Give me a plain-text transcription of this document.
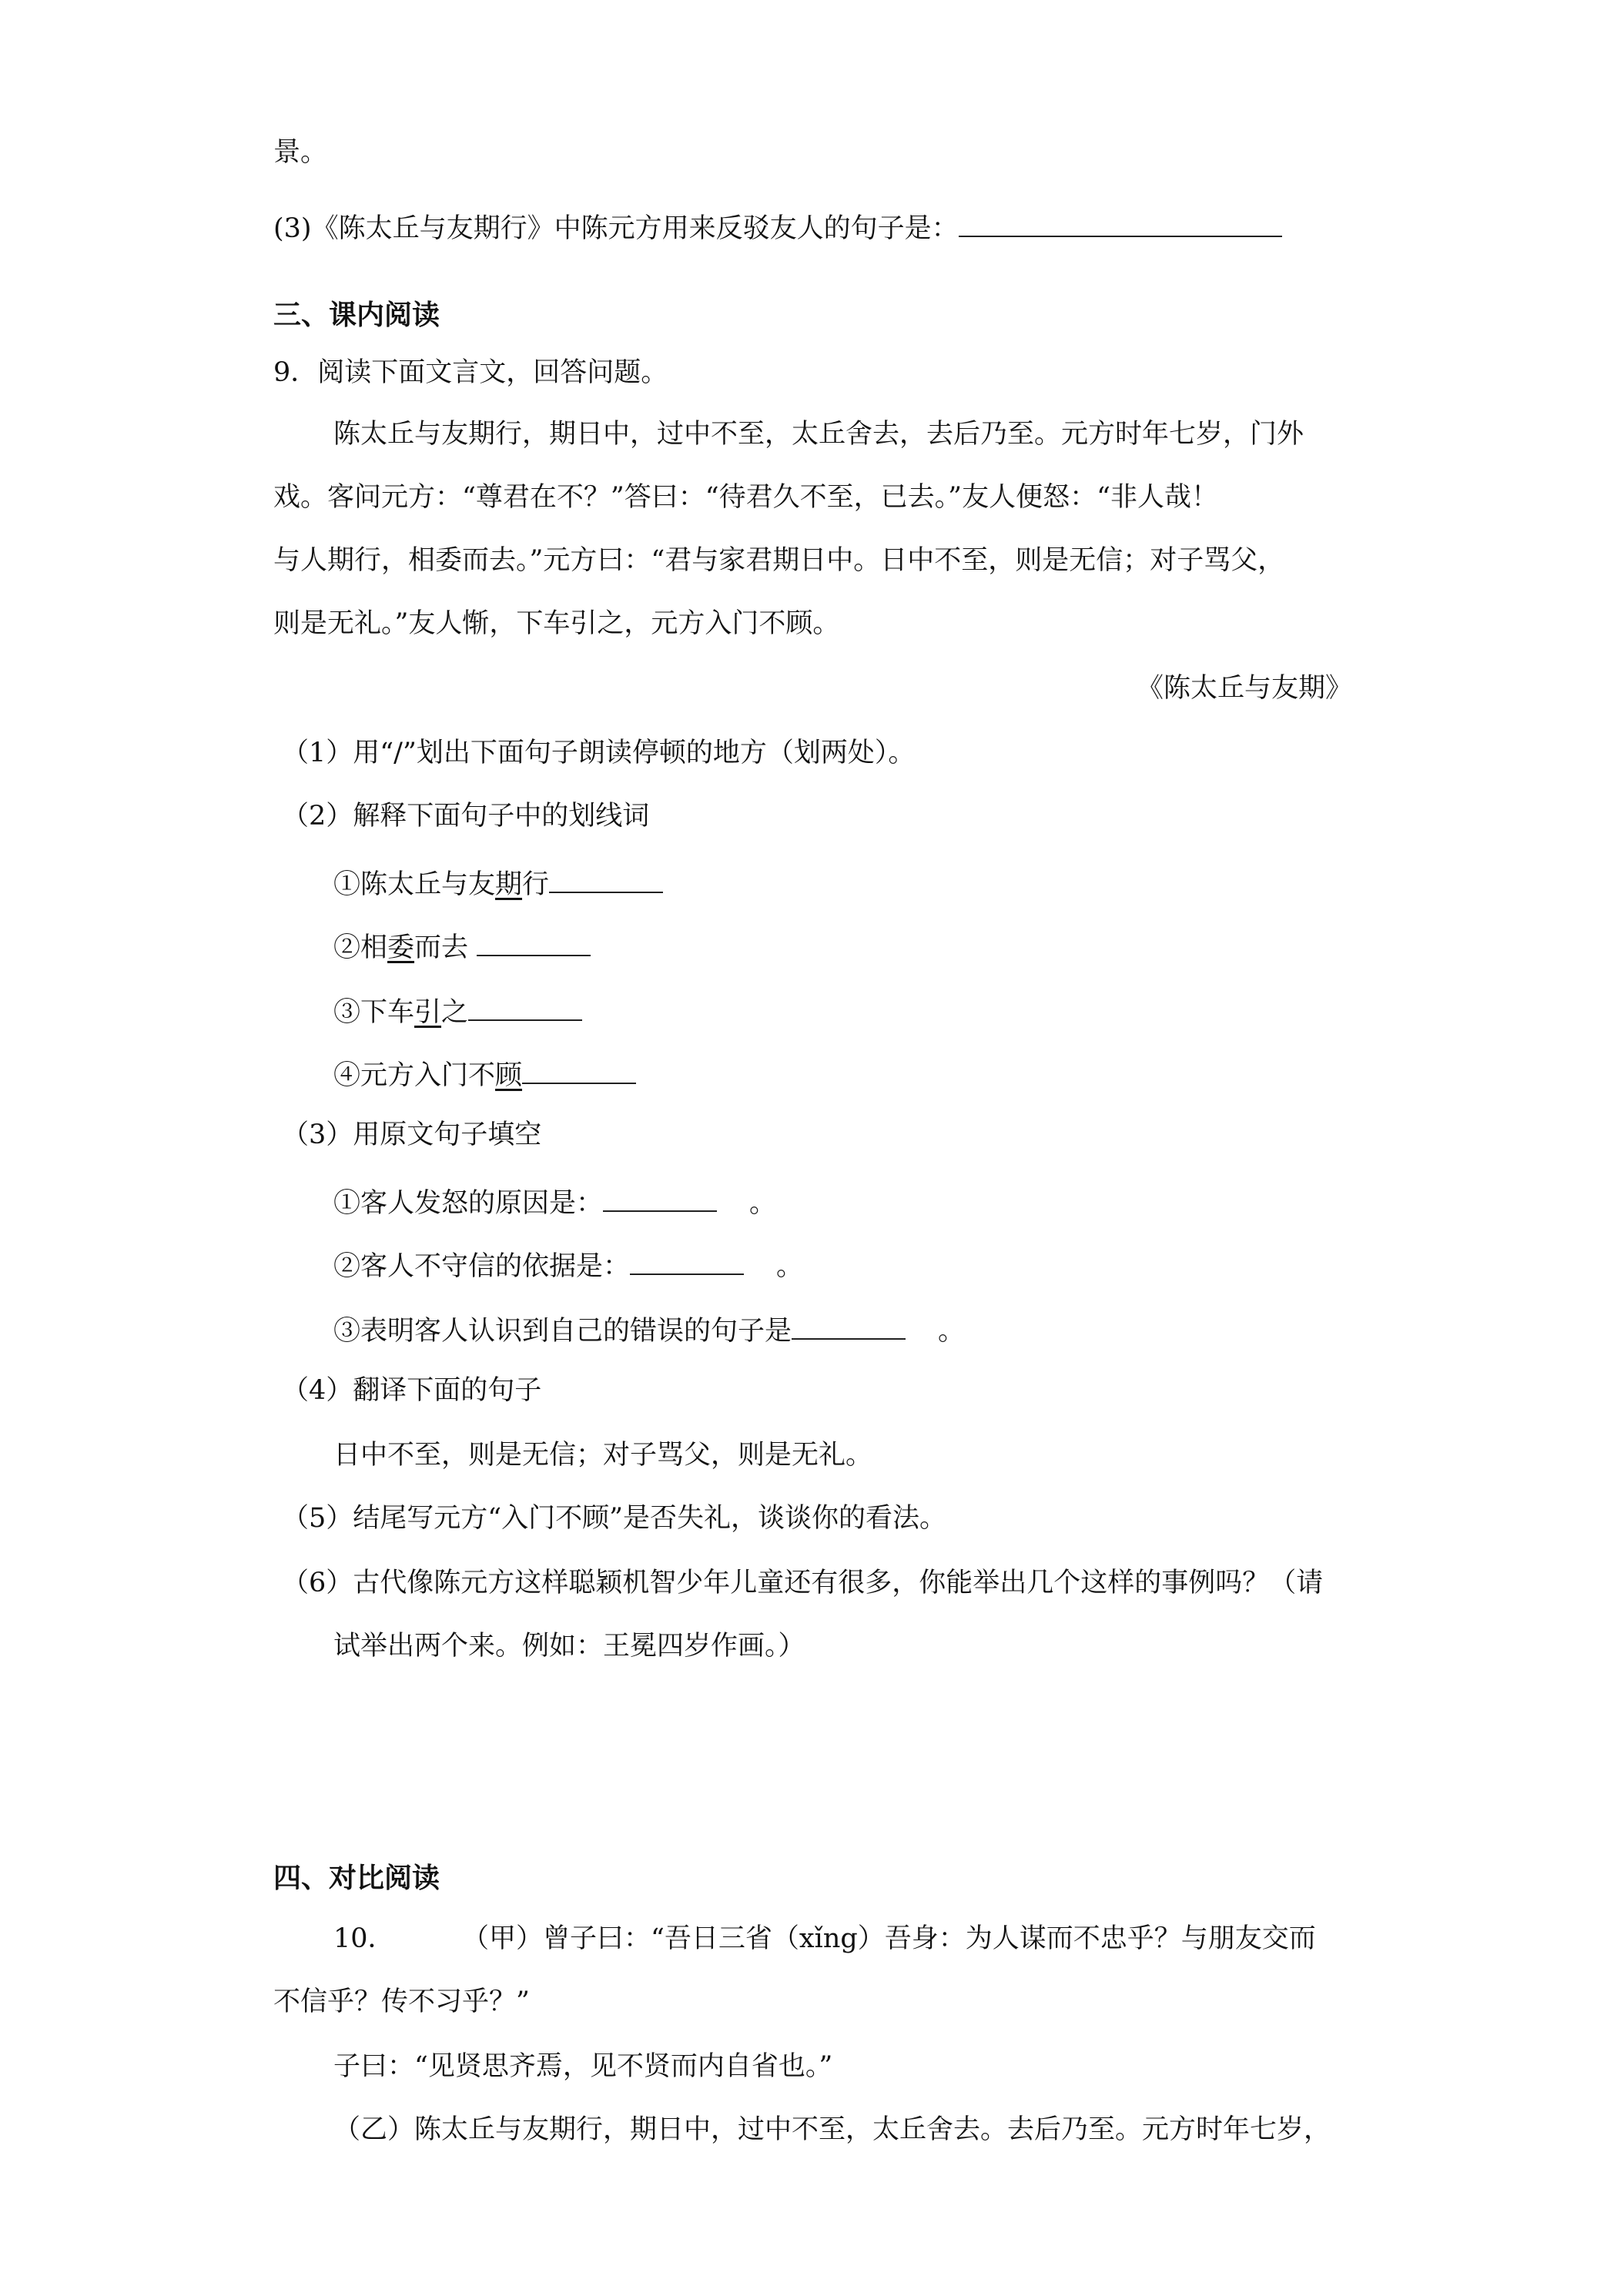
景。
(3)《陈太丘与友期行》中陈元方用来反驳友人的句子是：
三、课内阅读
9．阅读下面文言文，回答问题。
陈太丘与友期行，期日中，过中不至，太丘舍去，去后乃至。元方时年七岁，门外
戏。客问元方：“尊君在不？”答曰：“待君久不至，已去。”友人便怒：“非人哉！
与人期行，相委而去。”元方曰：“君与家君期日中。日中不至，则是无信；对子骂父，
则是无礼。”友人惭，下车引之，元方入门不顾。
《陈太丘与友期》
（1）用“/”划出下面句子朗读停顿的地方（划两处）。
（2）解释下面句子中的划线词
①陈太丘与友期行
②相委而去
③下车引之
④元方入门不顾
（3）用原文句子填空
①客人发怒的原因是：	。
②客人不守信的依据是：	。
③表明客人认识到自己的错误的句子是	。
（4）翻译下面的句子
日中不至，则是无信；对子骂父，则是无礼。
（5）结尾写元方“入门不顾”是否失礼，谈谈你的看法。
（6）古代像陈元方这样聪颖机智少年儿童还有很多，你能举出几个这样的事例吗？（请
试举出两个来。例如：王冕四岁作画。）
四、对比阅读
10． （甲）曾子曰：“吾日三省（xǐng）吾身：为人谋而不忠乎？与朋友交而
不信乎？传不习乎？”
子曰：“见贤思齐焉，见不贤而内自省也。”
（乙）陈太丘与友期行，期日中，过中不至，太丘舍去。去后乃至。元方时年七岁，
